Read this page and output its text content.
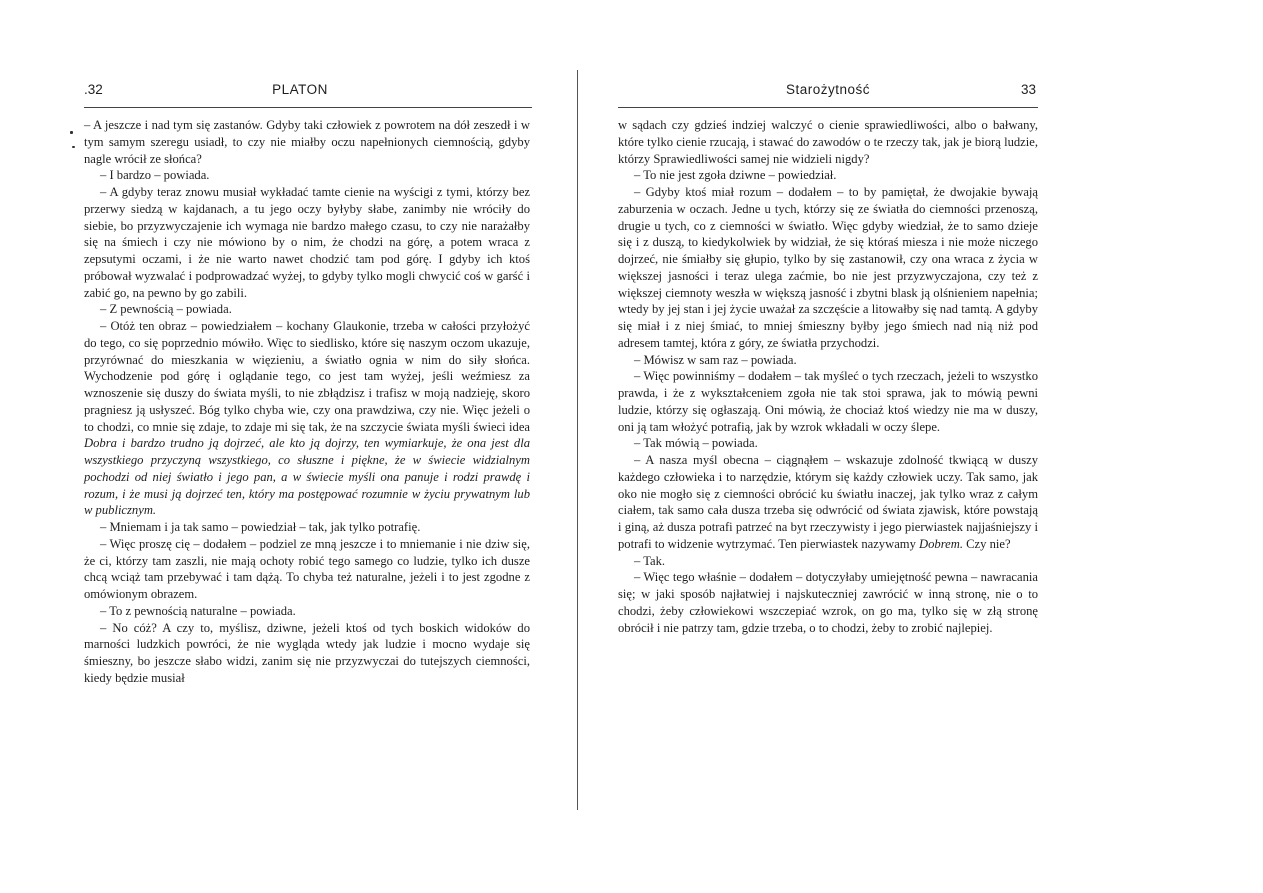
.32	PLATON

– A jeszcze i nad tym się zastanów. Gdyby taki człowiek z powrotem na dół zeszedł i w tym samym szeregu usiadł, to czy nie miałby oczu napełnionych ciemnością, gdyby nagle wrócił ze słońca?

– I bardzo – powiada.

– A gdyby teraz znowu musiał wykładać tamte cienie na wyścigi z tymi, którzy bez przerwy siedzą w kajdanach, a tu jego oczy byłyby słabe, zanimby nie wróciły do siebie, bo przyzwyczajenie ich wymaga nie bardzo małego czasu, to czy nie narażałby się na śmiech i czy nie mówiono by o nim, że chodzi na górę, a potem wraca z zepsutymi oczami, i że nie warto nawet chodzić tam pod górę. I gdyby ich ktoś próbował wyzwalać i podprowadzać wyżej, to gdyby tylko mogli chwycić coś w garść i zabić go, na pewno by go zabili.

– Z pewnością – powiada.

– Otóż ten obraz – powiedziałem – kochany Glaukonie, trzeba w całości przyłożyć do tego, co się poprzednio mówiło. Więc to siedlisko, które się naszym oczom ukazuje, przyrównać do mieszkania w więzieniu, a światło ognia w nim do siły słońca. Wychodzenie pod górę i oglądanie tego, co jest tam wyżej, jeśli weźmiesz za wznoszenie się duszy do świata myśli, to nie zbłądzisz i trafisz w moją nadzieję, skoro pragniesz ją usłyszeć. Bóg tylko chyba wie, czy ona prawdziwa, czy nie. Więc jeżeli o to chodzi, co mnie się zdaje, to zdaje mi się tak, że na szczycie świata myśli świeci idea Dobra i bardzo trudno ją dojrzeć, ale kto ją dojrzy, ten wymiarkuje, że ona jest dla wszystkiego przyczyną wszystkiego, co słuszne i piękne, że w świecie widzialnym pochodzi od niej światło i jego pan, a w świecie myśli ona panuje i rodzi prawdę i rozum, i że musi ją dojrzeć ten, który ma postępować rozumnie w życiu prywatnym lub w publicznym.

– Mniemam i ja tak samo – powiedział – tak, jak tylko potrafię.

– Więc proszę cię – dodałem – podziel ze mną jeszcze i to mniemanie i nie dziw się, że ci, którzy tam zaszli, nie mają ochoty robić tego samego co ludzie, tylko ich dusze chcą wciąż tam przebywać i tam dążą. To chyba też naturalne, jeżeli i to jest zgodne z omówionym obrazem.

– To z pewnością naturalne – powiada.

– No cóż? A czy to, myślisz, dziwne, jeżeli ktoś od tych boskich widoków do marności ludzkich powróci, że nie wygląda wtedy jak ludzie i mocno wydaje się śmieszny, bo jeszcze słabo widzi, zanim się nie przyzwyczai do tutejszych ciemności, kiedy będzie musiał

Starożytność	33

w sądach czy gdzieś indziej walczyć o cienie sprawiedliwości, albo o bałwany, które tylko cienie rzucają, i stawać do zawodów o te rzeczy tak, jak je biorą ludzie, którzy Sprawiedliwości samej nie widzieli nigdy?

– To nie jest zgoła dziwne – powiedział.

– Gdyby ktoś miał rozum – dodałem – to by pamiętał, że dwojakie bywają zaburzenia w oczach. Jedne u tych, którzy się ze światła do ciemności przenoszą, drugie u tych, co z ciemności w światło. Więc gdyby wiedział, że to samo dzieje się i z duszą, to kiedykolwiek by widział, że się któraś miesza i nie może niczego dojrzeć, nie śmiałby się głupio, tylko by się zastanowił, czy ona wraca z życia w większej jasności i teraz ulega zaćmie, bo nie jest przyzwyczajona, czy też z większej ciemnoty weszła w większą jasność i zbytni blask ją olśnieniem napełnia; wtedy by jej stan i jej życie uważał za szczęście a litowałby się nad tamtą. A gdyby się miał i z niej śmiać, to mniej śmieszny byłby jego śmiech nad nią niż pod adresem tamtej, która z góry, ze światła przychodzi.

– Mówisz w sam raz – powiada.

– Więc powinniśmy – dodałem – tak myśleć o tych rzeczach, jeżeli to wszystko prawda, i że z wykształceniem zgoła nie tak stoi sprawa, jak to mówią pewni ludzie, którzy się ogłaszają. Oni mówią, że chociaż ktoś wiedzy nie ma w duszy, oni ją tam włożyć potrafią, jak by wzrok wkładali w oczy ślepe.

– Tak mówią – powiada.

– A nasza myśl obecna – ciągnąłem – wskazuje zdolność tkwiącą w duszy każdego człowieka i to narzędzie, którym się każdy człowiek uczy. Tak samo, jak oko nie mogło się z ciemności obrócić ku światłu inaczej, jak tylko wraz z całym ciałem, tak samo cała dusza trzeba się odwrócić od świata zjawisk, które powstają i giną, aż dusza potrafi patrzeć na byt rzeczywisty i jego pierwiastek najjaśniejszy i potrafi to widzenie wytrzymać. Ten pierwiastek nazywamy Dobrem. Czy nie?

– Tak.

– Więc tego właśnie – dodałem – dotyczyłaby umiejętność pewna – nawracania się; w jaki sposób najłatwiej i najskuteczniej zawrócić w inną stronę, nie o to chodzi, żeby człowiekowi wszczepiać wzrok, on go ma, tylko się w złą stronę obrócił i nie patrzy tam, gdzie trzeba, o to chodzi, żeby to zrobić najlepiej.
